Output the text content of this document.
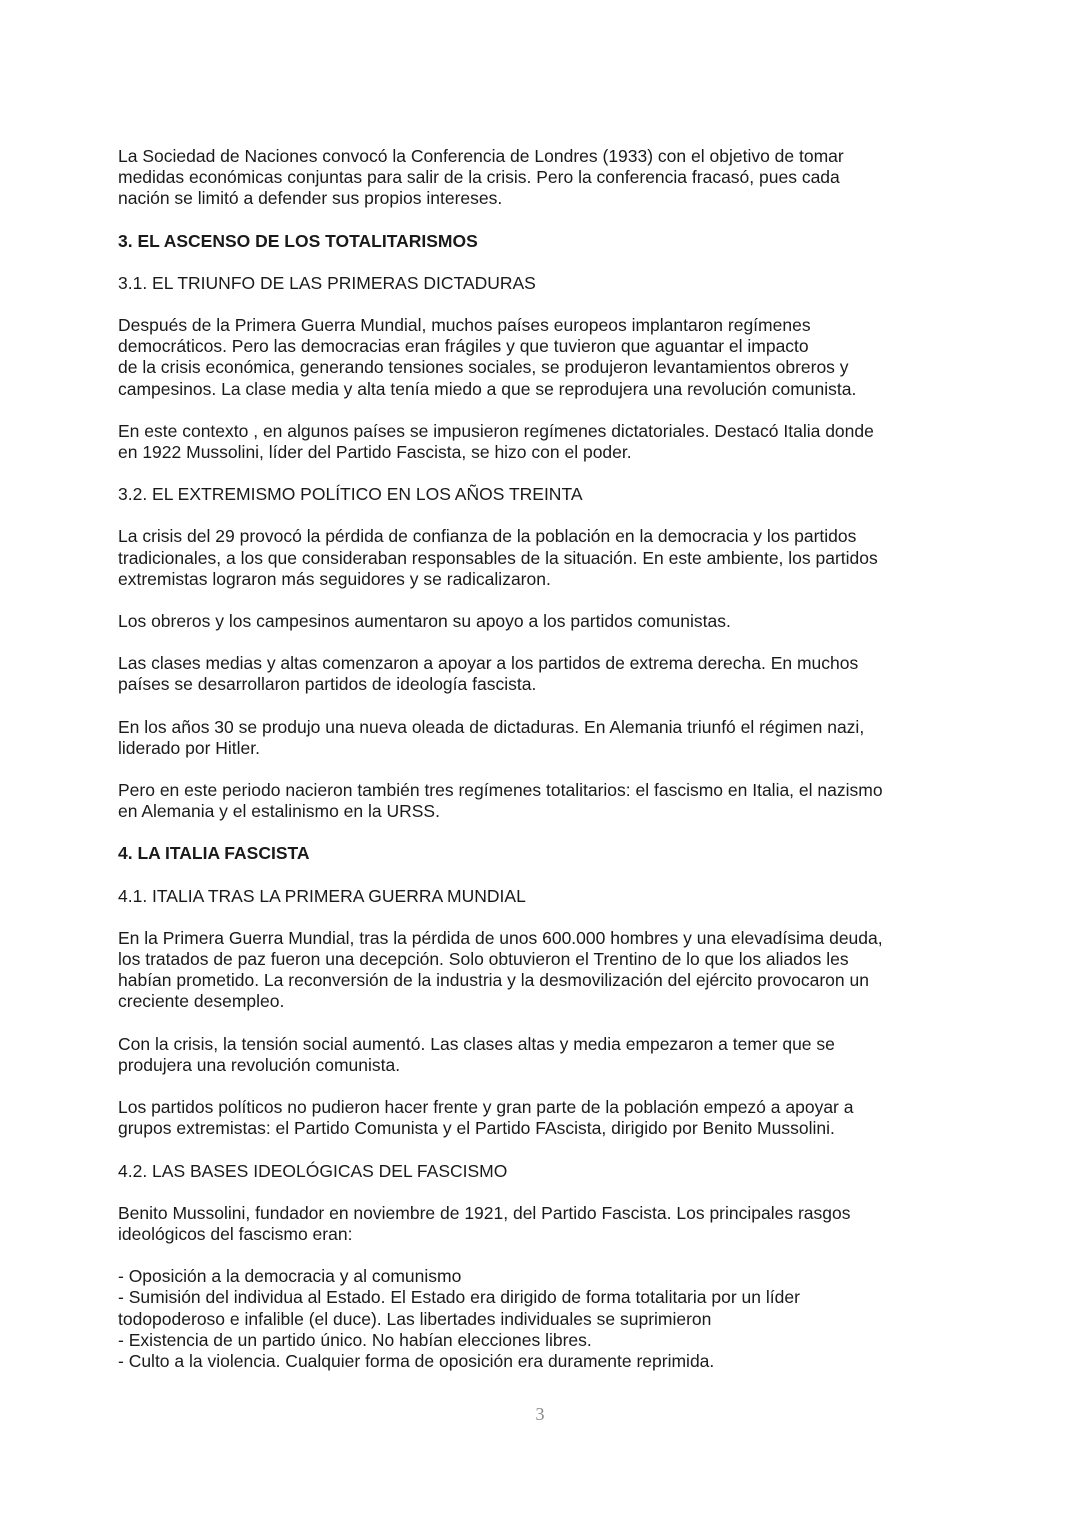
La Sociedad de Naciones convocó la Conferencia de Londres (1933) con el objetivo de tomar
medidas económicas conjuntas para salir de la crisis. Pero la conferencia fracasó, pues cada
nación se limitó a defender sus propios intereses.

3. EL ASCENSO DE LOS TOTALITARISMOS

3.1. EL TRIUNFO DE LAS PRIMERAS DICTADURAS

Después de la Primera Guerra Mundial, muchos países europeos implantaron regímenes
democráticos. Pero las democracias eran frágiles y que tuvieron que aguantar el impacto
de la crisis económica, generando tensiones sociales, se produjeron levantamientos obreros y
campesinos. La clase media y alta tenía miedo a que se reprodujera una revolución comunista.

En este contexto , en algunos países se impusieron regímenes dictatoriales. Destacó Italia donde
en 1922 Mussolini, líder del Partido Fascista, se hizo con el poder.

3.2. EL EXTREMISMO POLÍTICO EN LOS AÑOS TREINTA

La crisis del 29 provocó la pérdida de confianza de la población en la democracia y los partidos
tradicionales, a los que consideraban responsables de la situación. En este ambiente, los partidos
extremistas lograron más seguidores y se radicalizaron.

Los obreros y los campesinos aumentaron su apoyo a los partidos comunistas.

Las clases medias y altas comenzaron a apoyar a los partidos de extrema derecha. En muchos
países se desarrollaron partidos de ideología fascista.

En los años 30 se produjo una nueva oleada de dictaduras. En Alemania triunfó el régimen nazi,
liderado por Hitler.

Pero en este periodo nacieron también tres regímenes totalitarios: el fascismo en Italia, el nazismo
en Alemania y el estalinismo en la URSS.

4. LA ITALIA FASCISTA

4.1. ITALIA TRAS LA PRIMERA GUERRA MUNDIAL

En la Primera Guerra Mundial, tras la pérdida de unos 600.000 hombres y una elevadísima deuda,
los tratados de paz fueron una decepción. Solo obtuvieron el Trentino de lo que los aliados les
habían prometido. La reconversión de la industria y la desmovilización del ejército provocaron un
creciente desempleo.

Con la crisis, la tensión social aumentó. Las clases altas y media empezaron a temer que se
produjera una revolución comunista.

Los partidos políticos no pudieron hacer frente y gran parte de la población empezó a apoyar a
grupos extremistas: el Partido Comunista y el Partido FAscista, dirigido por Benito Mussolini.

4.2. LAS BASES IDEOLÓGICAS DEL FASCISMO

Benito Mussolini, fundador en noviembre de 1921, del Partido Fascista. Los principales rasgos
ideológicos del fascismo eran:

- Oposición a la democracia y al comunismo
- Sumisión del individua al Estado. El Estado era dirigido de forma totalitaria por un líder
todopoderoso e infalible (el duce). Las libertades individuales se suprimieron
- Existencia de un partido único. No habían elecciones libres.
- Culto a la violencia. Cualquier forma de oposición era duramente reprimida.

3
